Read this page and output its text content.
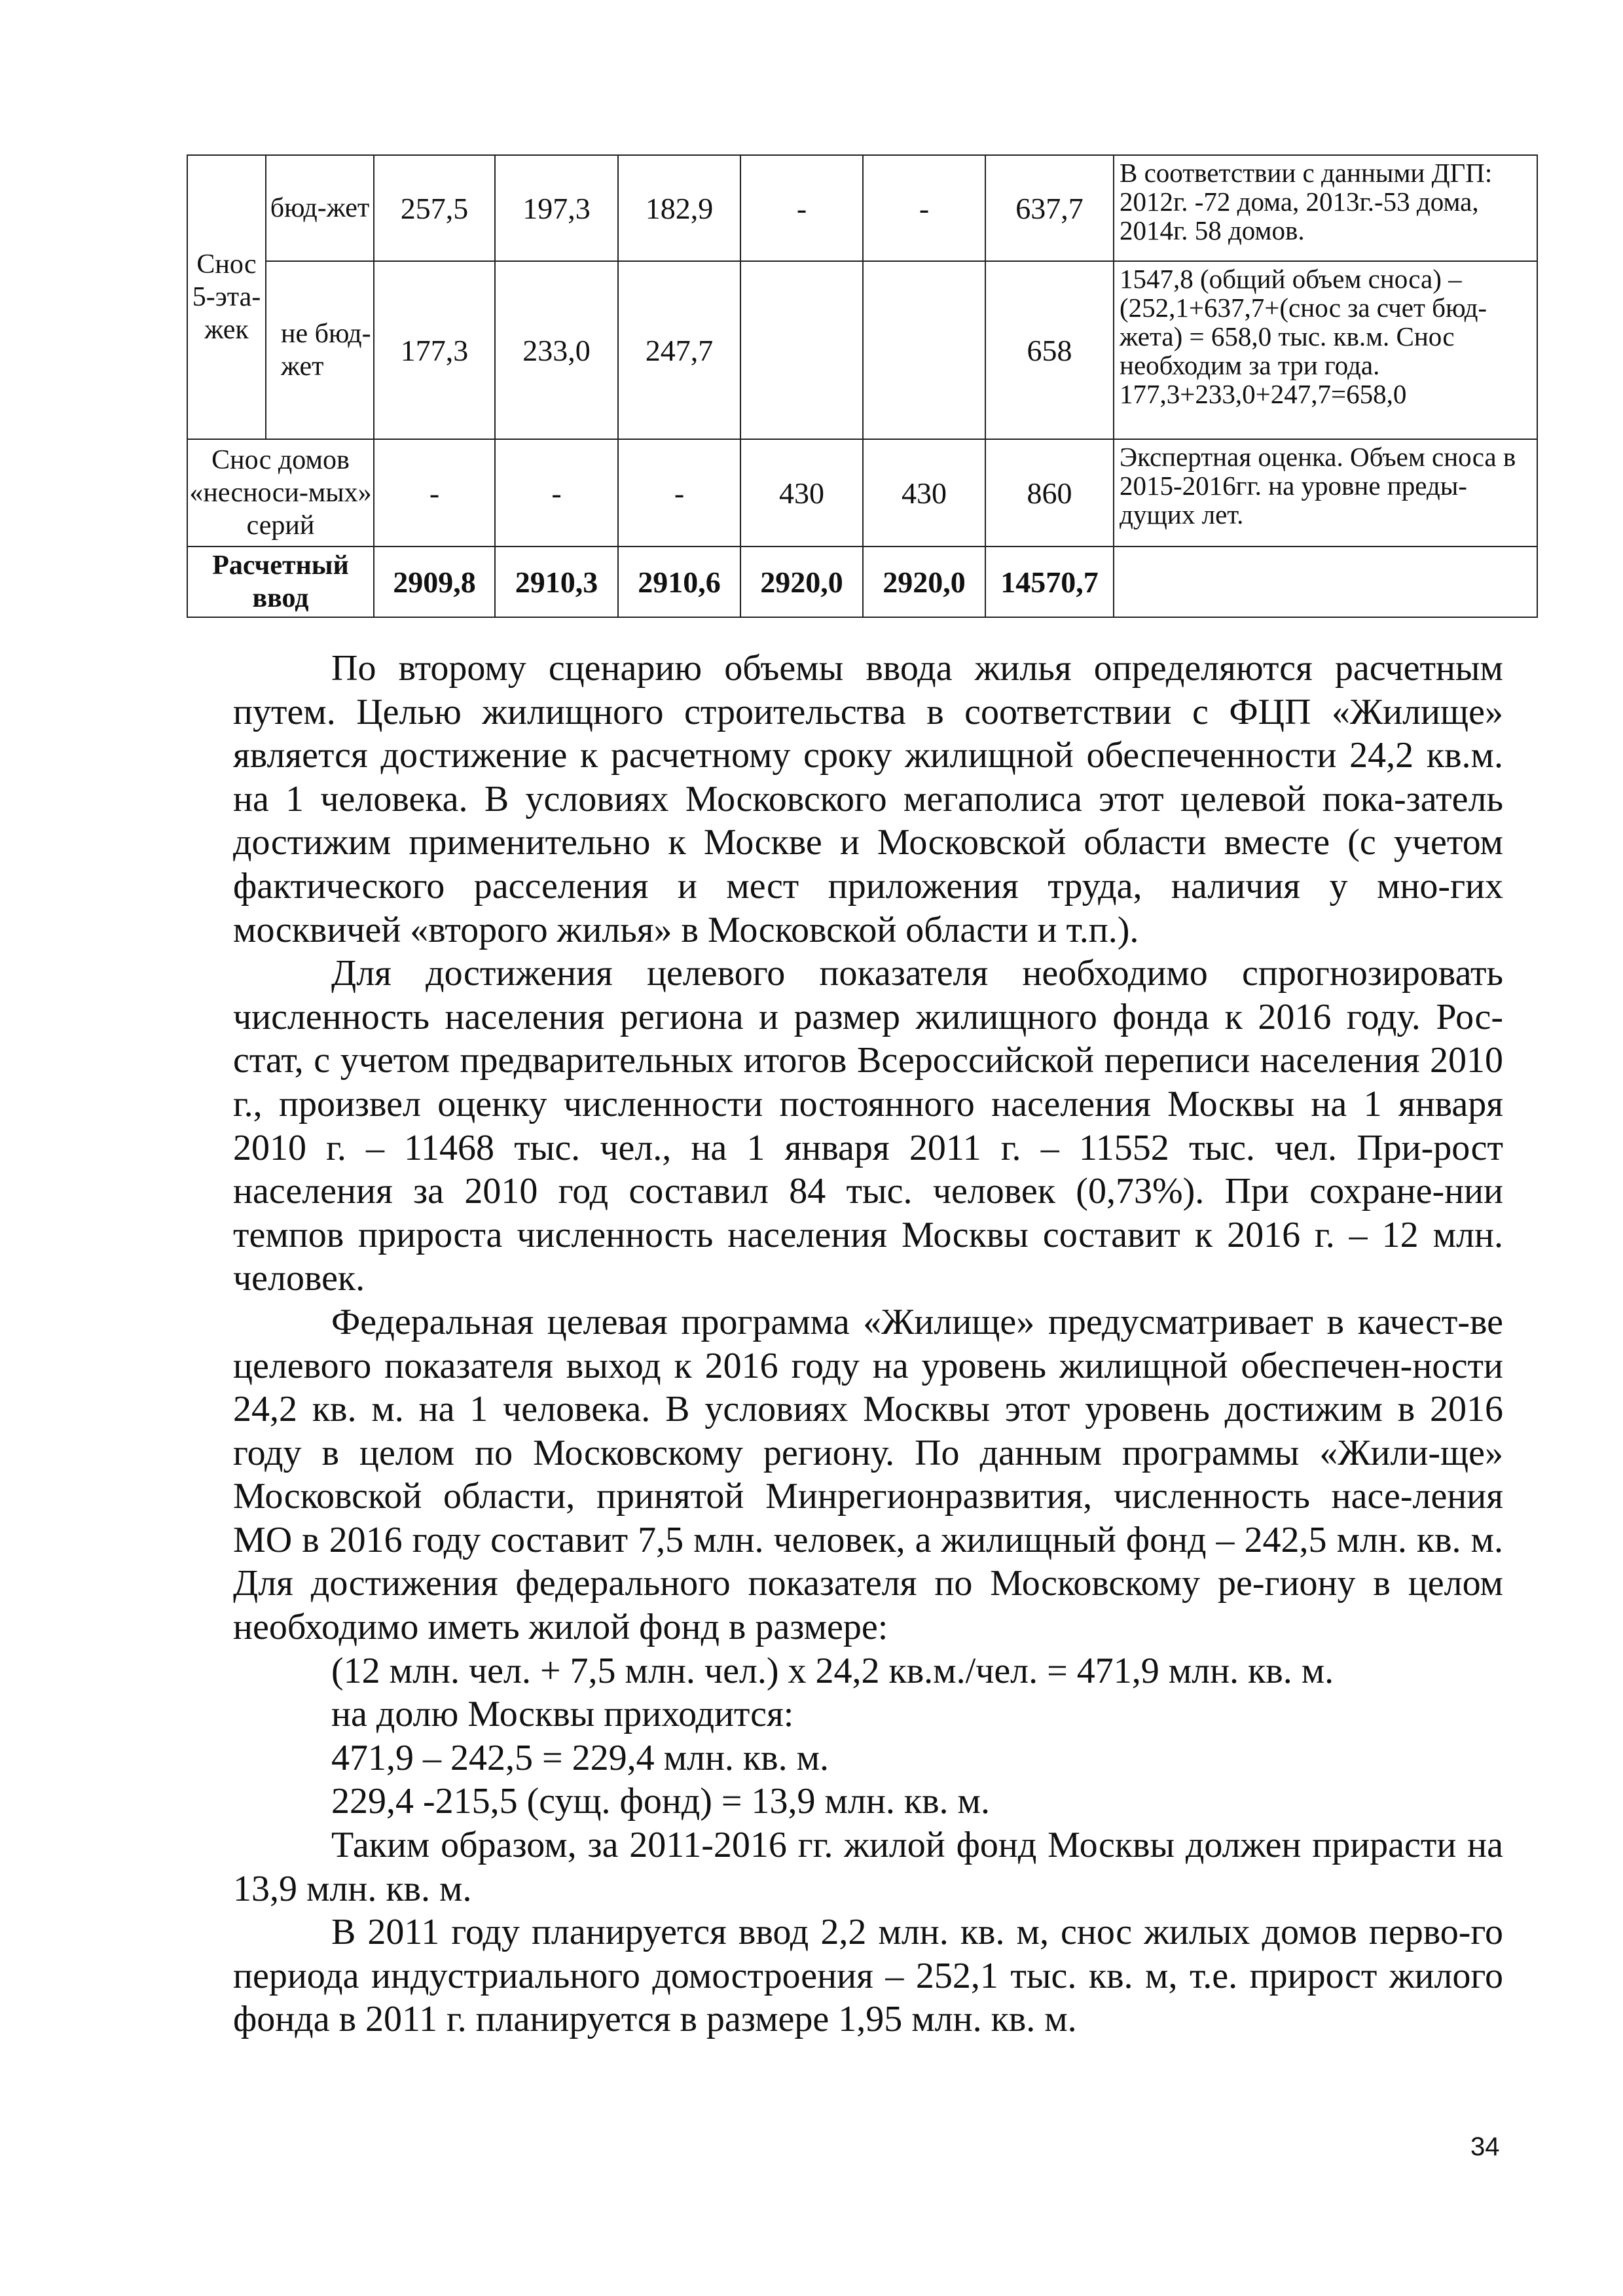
Снос 5-эта-жек	бюд-жет	257,5	197,3	182,9	-	-	637,7	В соответствии с данными ДГП: 2012г. -72 дома, 2013г.-53 дома, 2014г. 58 домов.
	не бюд-жет	177,3	233,0	247,7			658	1547,8 (общий объем сноса) – (252,1+637,7+(снос за счет бюд-жета) = 658,0 тыс. кв.м. Снос необходим за три года. 177,3+233,0+247,7=658,0
Снос домов «несноси-мых» серий		-	-	-	430	430	860	Экспертная оценка. Объем сноса в 2015-2016гг. на уровне преды-дущих лет.
Расчетный ввод		2909,8	2910,3	2910,6	2920,0	2920,0	14570,7	

По второму сценарию объемы ввода жилья определяются расчетным путем. Целью жилищного строительства в соответствии с ФЦП «Жилище» является достижение к расчетному сроку жилищной обеспеченности 24,2 кв.м. на 1 человека. В условиях Московского мегаполиса этот целевой пока-затель достижим применительно к Москве и Московской области вместе (с учетом фактического расселения и мест приложения труда, наличия у мно-гих москвичей «второго жилья» в Московской области и т.п.).

Для достижения целевого показателя необходимо спрогнозировать численность населения региона и размер жилищного фонда к 2016 году. Рос-стат, с учетом предварительных итогов Всероссийской переписи населения 2010 г., произвел оценку численности постоянного населения Москвы на 1 января 2010 г. – 11468 тыс. чел., на 1 января 2011 г. – 11552 тыс. чел. При-рост населения за 2010 год составил 84 тыс. человек (0,73%). При сохране-нии темпов прироста численность населения Москвы составит к 2016 г. – 12 млн. человек.

Федеральная целевая программа «Жилище» предусматривает в качест-ве целевого показателя выход к 2016 году на уровень жилищной обеспечен-ности 24,2 кв. м. на 1 человека. В условиях Москвы этот уровень достижим в 2016 году в целом по Московскому региону. По данным программы «Жили-ще» Московской области, принятой Минрегионразвития, численность насе-ления МО в 2016 году составит 7,5 млн. человек, а жилищный фонд – 242,5 млн. кв. м. Для достижения федерального показателя по Московскому ре-гиону в целом необходимо иметь жилой фонд в размере:

(12 млн. чел. + 7,5 млн. чел.) х 24,2 кв.м./чел. = 471,9 млн. кв. м.

на долю Москвы приходится:

471,9 – 242,5 = 229,4 млн. кв. м.

229,4 -215,5 (сущ. фонд) = 13,9 млн. кв. м.

Таким образом, за 2011-2016 гг. жилой фонд Москвы должен прирасти на 13,9 млн. кв. м.

В 2011 году планируется ввод 2,2 млн. кв. м, снос жилых домов перво-го периода индустриального домостроения – 252,1 тыс. кв. м, т.е. прирост жилого фонда в 2011 г. планируется в размере 1,95 млн. кв. м.

34
